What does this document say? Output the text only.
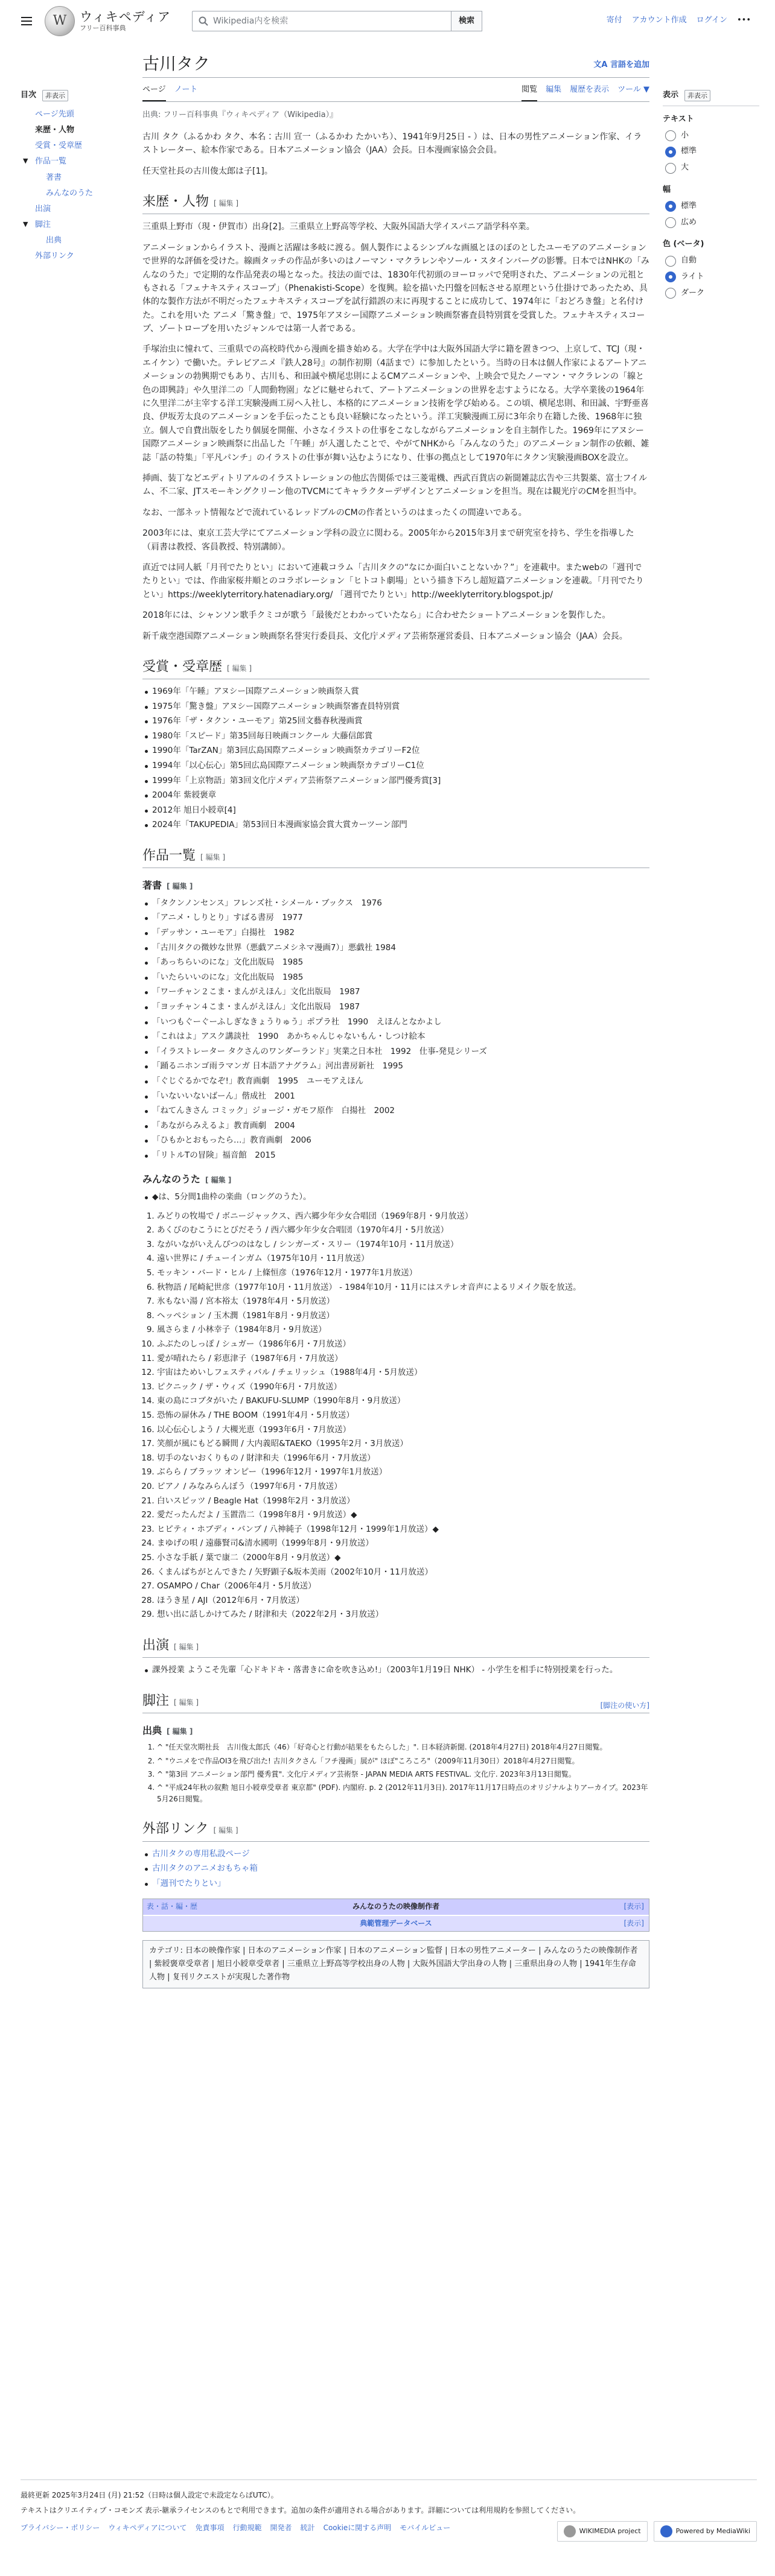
W	ウィキペディア
フリー百科事典
Wikipedia内を検索	検索	寄付 アカウント作成 ログイン •••
目次	非表示
ページ先頭
来歴・人物
受賞・受章歴
▼ 作品一覧
著書
みんなのうた
出演
▼ 脚注
出典
外部リンク
表示	非表示
テキスト
小
標準
大
幅
標準
広め
色 (ベータ)
自動
ライト
ダーク
古川タク	文A 言語を追加
ページ ノート	閲覧 編集 履歴を表示 ツール ▼
出典: フリー百科事典『ウィキペディア（Wikipedia）』

古川 タク（ふるかわ タク、本名：古川 宣一（ふるかわ たかいち）、1941年9月25日 - ）は、日本の男性アニメーション作家、イラストレーター、絵本作家である。日本アニメーション協会（JAA）会長。日本漫画家協会会員。

任天堂社長の古川俊太郎は子[1]。

来歴・人物 [ 編集 ]

三重県上野市（現・伊賀市）出身[2]。三重県立上野高等学校、大阪外国語大学イスパニア語学科卒業。

アニメーションからイラスト、漫画と活躍は多岐に渡る。個人製作によるシンプルな画風とほのぼのとしたユーモアのアニメーションで世界的な評価を受けた。線画タッチの作品が多いのはノーマン・マクラレンやソール・スタインバーグの影響。日本ではNHKの「みんなのうた」で定期的な作品発表の場となった。技法の面では、1830年代初頭のヨーロッパで発明された、アニメーションの元祖ともされる「フェナキスティスコープ」（Phenakisti-Scope）を復興。絵を描いた円盤を回転させる原理という仕掛けであったため、具体的な製作方法が不明だったフェナキスティスコープを試行錯誤の末に再現することに成功して、1974年に「おどろき盤」と名付けた。これを用いた アニメ「驚き盤」で、1975年アヌシー国際アニメーション映画祭審査員特別賞を受賞した。フェナキスティスコープ、ゾートロープを用いたジャンルでは第一人者である。

手塚治虫に憧れて、三重県での高校時代から漫画を描き始める。大学在学中は大阪外国語大学に籍を置きつつ、上京して、TCJ（現・エイケン）で働いた。テレビアニメ『鉄人28号』の制作初期（4話まで）に参加したという。当時の日本は個人作家によるアートアニメーションの勃興期でもあり、古川も、和田誠や横尾忠則によるCMアニメーションや、上映会で見たノーマン・マクラレンの「線と色の即興詩」や久里洋二の「人間動物園」などに魅せられて、アートアニメーションの世界を志すようになる。大学卒業後の1964年に久里洋二が主宰する洋工実験漫画工房へ入社し、本格的にアニメーション技術を学び始める。この頃、横尾忠則、和田誠、宇野亜喜良、伊坂芳太良のアニメーションを手伝ったことも良い経験になったという。洋工実験漫画工房に3年余り在籍した後、1968年に独立。個人で自費出版をしたり個展を開催、小さなイラストの仕事をこなしながらアニメーションを自主制作した。1969年にアヌシー国際アニメーション映画祭に出品した「午睡」が入選したことで、やがてNHKから「みんなのうた」のアニメーション制作の依頼、雑誌「話の特集」「平凡パンチ」のイラストの仕事が舞い込むようになり、仕事の拠点として1970年にタクン実験漫画BOXを設立。

挿画、装丁などエディトリアルのイラストレーションの他広告関係では三菱電機、西武百貨店の新聞雑誌広告や三共製薬、富士フイルム、不二家、JTスモーキングクリーン他のTVCMにてキャラクターデザインとアニメーションを担当。現在は観光庁のCMを担当中。

なお、一部ネット情報などで流れているレッドブルのCMの作者というのはまったくの間違いである。

2003年には、東京工芸大学にてアニメーション学科の設立に関わる。2005年から2015年3月まで研究室を持ち、学生を指導した（肩書は教授、客員教授、特別講師）。

直近では同人紙「月刊でたりとい」において連載コラム「古川タクの“なにか面白いことないか？”」を連載中。またwebの「週刊でたりとい」では、作曲家桜井順とのコラボレーション「ヒトコト劇場」という描き下ろし超短篇アニメーションを連載。「月刊でたりとい」https://weeklyterritory.hatenadiary.org/ 「週刊でたりとい」http://weeklyterritory.blogspot.jp/

2018年には、シャンソン歌手クミコが歌う「最後だとわかっていたなら」に合わせたショートアニメーションを製作した。

新千歳空港国際アニメーション映画祭名誉実行委員長、文化庁メディア芸術祭運営委員、日本アニメーション協会（JAA）会長。

受賞・受章歴 [ 編集 ]
1969年「午睡」アヌシー国際アニメーション映画祭入賞
1975年「驚き盤」アヌシー国際アニメーション映画祭審査員特別賞
1976年「ザ・タクン・ユーモア」第25回文藝春秋漫画賞
1980年「スピード」第35回毎日映画コンクール 大藤信郎賞
1990年「TarZAN」第3回広島国際アニメーション映画祭カテゴリーF2位
1994年「以心伝心」第5回広島国際アニメーション映画祭カテゴリーC1位
1999年「上京物語」第3回文化庁メディア芸術祭アニメーション部門優秀賞[3]
2004年 紫綬褒章
2012年 旭日小綬章[4]
2024年「TAKUPEDIA」第53回日本漫画家協会賞大賞カーツーン部門
作品一覧 [ 編集 ]
著書 [ 編集 ]
「タクンノンセンス」フレンズ社・シメール・ブックス　1976
「アニメ・しりとり」すばる書房　1977
「デッサン・ユーモア」白揚社　1982
「古川タクの微妙な世界（悪戯アニメシネマ漫画7）」悪戯社 1984
「あっちらいのにな」文化出版局　1985
「いたらいいのにな」文化出版局　1985
「ワーチャン２こま・まんがえほん」文化出版局　1987
「ヨッチャン４こま・まんがえほん」文化出版局　1987
「いつもぐーぐーふしぎなきょうりゅう」ポプラ社　1990　えほんとなかよし
「これはよ」アスク講談社　1990　あかちゃんじゃないもん・しつけ絵本
「イラストレーター タクさんのワンダーランド」実業之日本社　1992　仕事-発見シリーズ
「踊るニホンゴ雨ラマンガ 日本語アナグラム」河出書房新社　1995
「ぐじぐるかでなぞ!」教育画劇　1995　ユーモアえほん
「いないいないばーん」偕成社　2001
「ねてんきさん コミック」ジョージ・ガモフ原作　白揚社　2002
「あながらみえるよ」教育画劇　2004
「ひもかとおもったら…」教育画劇　2006
「リトルTの冒険」福音館　2015
みんなのうた [ 編集 ]
◆は、5分間1曲枠の楽曲（ロングのうた）。
1. みどりの牧場で / ボニージャックス、西六郷少年少女合唱団（1969年8月・9月放送）
2. あくびのむこうにとびだそう / 西六郷少年少女合唱団（1970年4月・5月放送）
3. ながいながいえんぴつのはなし / シンガーズ・スリー（1974年10月・11月放送）
4. 遠い世界に / チューインガム（1975年10月・11月放送）
5. モッキン・バード・ヒル / 上條恒彦（1976年12月・1977年1月放送）
6. 秋物語 / 尾崎紀世彦（1977年10月・11月放送） - 1984年10月・11月にはステレオ音声によるリメイク版を放送。
7. 氷もない湯 / 宮本裕太（1978年4月・5月放送）
8. ヘッペション / 玉木潤（1981年8月・9月放送）
9. 風さらま / 小林幸子（1984年8月・9月放送）
10. ふぶたのしっぽ / シュガー（1986年6月・7月放送）
11. 愛が晴れたら / 彩恵津子（1987年6月・7月放送）
12. 宇宙はためいしフェスティバル / チェリッシュ（1988年4月・5月放送）
13. ピクニック / ザ・ウィズ（1990年6月・7月放送）
14. 東の島にコブタがいた / BAKUFU-SLUMP（1990年8月・9月放送）
15. 恐怖の扉休み / THE BOOM（1991年4月・5月放送）
16. 以心伝心しよう / 大槻光恵（1993年6月・7月放送）
17. 笑顔が風にもどる瞬間 / 大内義昭&TAEKO（1995年2月・3月放送）
18. 切手のないおくりもの / 財津和夫（1996年6月・7月放送）
19. ぶらら / ブラッツ オンピー（1996年12月・1997年1月放送）
20. ピアノ / みなみらんぼう（1997年6月・7月放送）
21. 白いスピッツ / Beagle Hat（1998年2月・3月放送）
22. 愛だったんだよ / 玉置浩二（1998年8月・9月放送）◆
23. ヒピティ・ホブディ・バンブ / 八神純子（1998年12月・1999年1月放送）◆
24. まゆげの唄 / 遠藤賢司&清水國明（1999年8月・9月放送）
25. 小さな手紙 / 葉で康二（2000年8月・9月放送）◆
26. くまんばちがとんできた / 矢野顕子&坂本美雨（2002年10月・11月放送）
27. OSAMPO / Char（2006年4月・5月放送）
28. ほうき星 / AJI（2012年6月・7月放送）
29. 想い出に話しかけてみた / 財津和夫（2022年2月・3月放送）
出演 [ 編集 ]
課外授業 ようこそ先輩「心ドキドキ・落書きに命を吹き込め!」（2003年1月19日 NHK） - 小学生を相手に特別授業を行った。
脚注 [ 編集 ]	[脚注の使い方]
出典 [ 編集 ]
1. ^ "任天堂次期社長　古川俊太郎氏（46）「好奇心と行動が結果をもたらした」". 日本経済新聞. (2018年4月27日) 2018年4月27日閲覧。
2. ^ "ウニメをで作品OI3を飛び出た! 古川タクさん「フチ漫画」展が" ほぼ"ころころ"（2009年11月30日）2018年4月27日閲覧。
3. ^ "第3回 アニメーション部門 優秀賞". 文化庁メディア芸術祭 - JAPAN MEDIA ARTS FESTIVAL. 文化庁. 2023年3月13日閲覧。
4. ^ "平成24年秋の叙勲 旭日小綬章受章者 東京都" (PDF). 内閣府. p. 2 (2012年11月3日). 2017年11月17日時点のオリジナルよりアーカイブ。2023年5月26日閲覧。
外部リンク [ 編集 ]
古川タクの専用私設ページ
古川タクのアニメおもちゃ箱
「週刊でたりとい」
表・話・編・歴	みんなのうたの映像制作者	[表示]
典範管理データベース	[表示]
カテゴリ: 日本の映像作家 | 日本のアニメーション作家 | 日本のアニメーション監督 | 日本の男性アニメーター | みんなのうたの映像制作者 | 紫綬褒章受章者 | 旭日小綬章受章者 | 三重県立上野高等学校出身の人物 | 大阪外国語大学出身の人物 | 三重県出身の人物 | 1941年生存命人物 | 复刊リクエストが実現した著作物
最終更新 2025年3月24日 (月) 21:52（日時は個人設定で未設定ならばUTC）。
テキストはクリエイティブ・コモンズ 表示-継承ライセンスのもとで利用できます。追加の条件が適用される場合があります。詳細については利用規約を参照してください。
プライバシー・ポリシー ウィキペディアについて 免責事項 行動規範 開発者 統計 Cookieに関する声明 モバイルビュー	WIKIMEDIA project	Powered by MediaWiki
